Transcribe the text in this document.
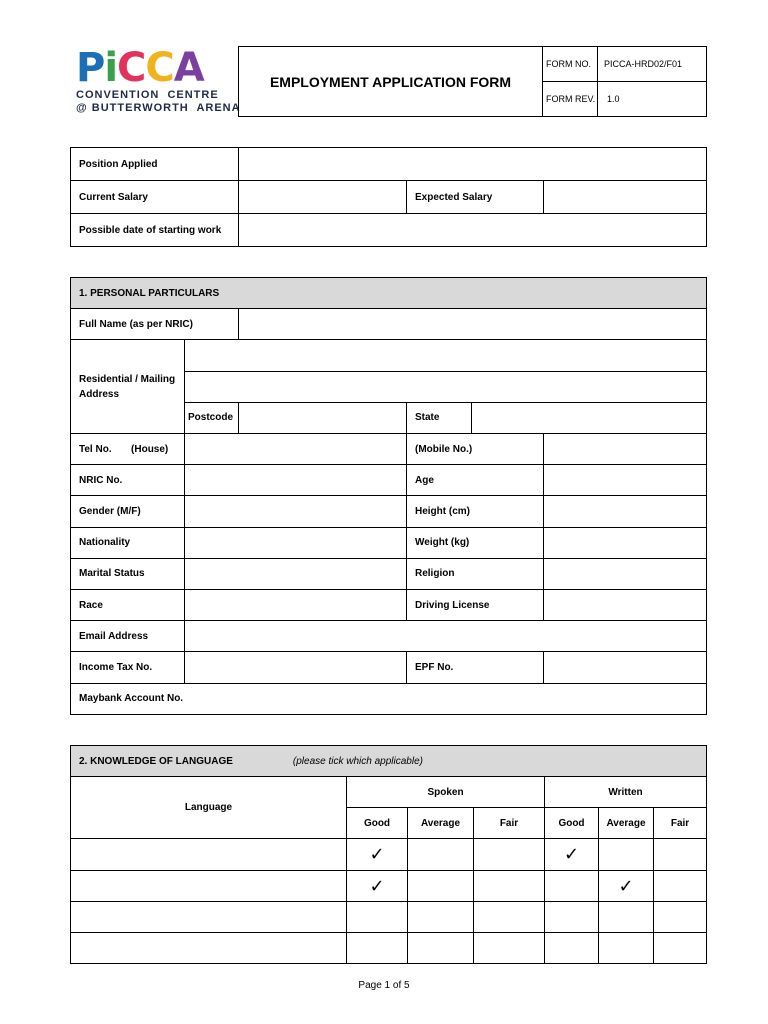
PiCCA
CONVENTION  CENTRE
@ BUTTERWORTH  ARENA
EMPLOYMENT APPLICATION FORM	FORM NO.	PICCA-HRD02/F01
	FORM REV.	1.0
Position Applied			
Current Salary		Expected Salary	
Possible date of starting work			
1. PERSONAL PARTICULARS					
Full Name (as per NRIC)					
Residential / Mailing Address					

	Postcode		State		
Tel No.       (House)			(Mobile No.)		
NRIC No.			Age		
Gender (M/F)			Height (cm)		
Nationality			Weight (kg)		
Marital Status			Religion		
Race			Driving License		
Email Address					
Income Tax No.			EPF No.		
Maybank Account No.					
2. KNOWLEDGE OF LANGUAGE (please tick which applicable)						
Language	Spoken			Written		
	Good	Average	Fair	Good	Average	Fair
	✓			✓		
	✓				✓	

Page 1 of 5
